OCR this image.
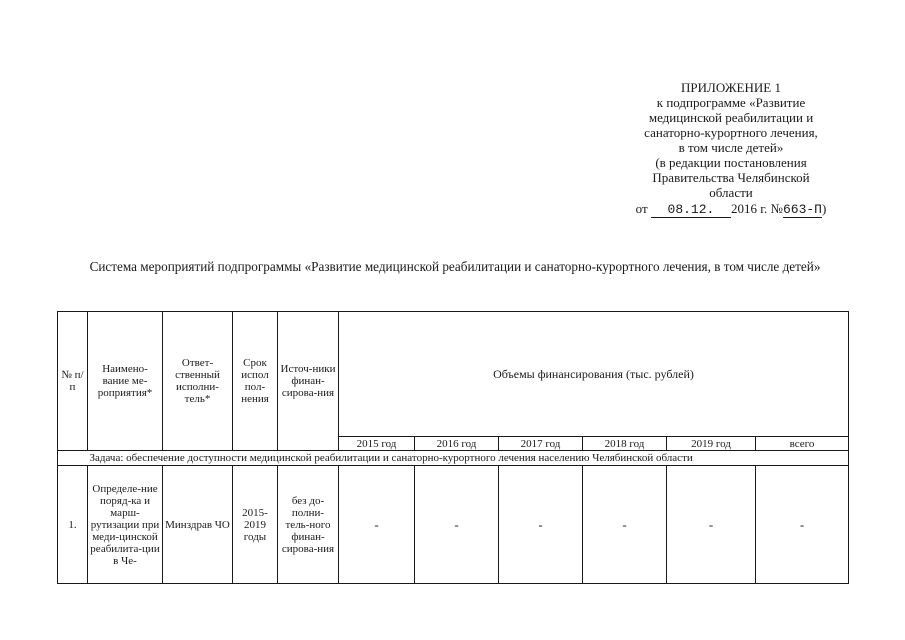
ПРИЛОЖЕНИЕ 1
к подпрограмме «Развитие
медицинской реабилитации и
санаторно-курортного лечения,
в том числе детей»
(в редакции постановления
Правительства Челябинской
области
от 08.12. 2016 г. №663-П)
Система мероприятий подпрограммы «Развитие медицинской реабилитации и санаторно-курортного лечения, в том числе детей»
№ п/п	Наимено-вание ме-роприятия*	Ответ-ственный исполни-тель*	Срок испол пол-нения	Источ-ники финан-сирова-ния	Объемы финансирования (тыс. рублей)					
					2015 год	2016 год	2017 год	2018 год	2019 год	всего
	Задача: обеспечение доступности медицинской реабилитации и санаторно-курортного лечения населению Челябинской области									
1.	Определе-ние поряд-ка и марш-рутизации при меди-цинской реабилита-ции в Че-	Минздрав ЧО	2015-2019 годы	без до-полни-тель-ного финан-сирова-ния	-	-	-	-	-	-
